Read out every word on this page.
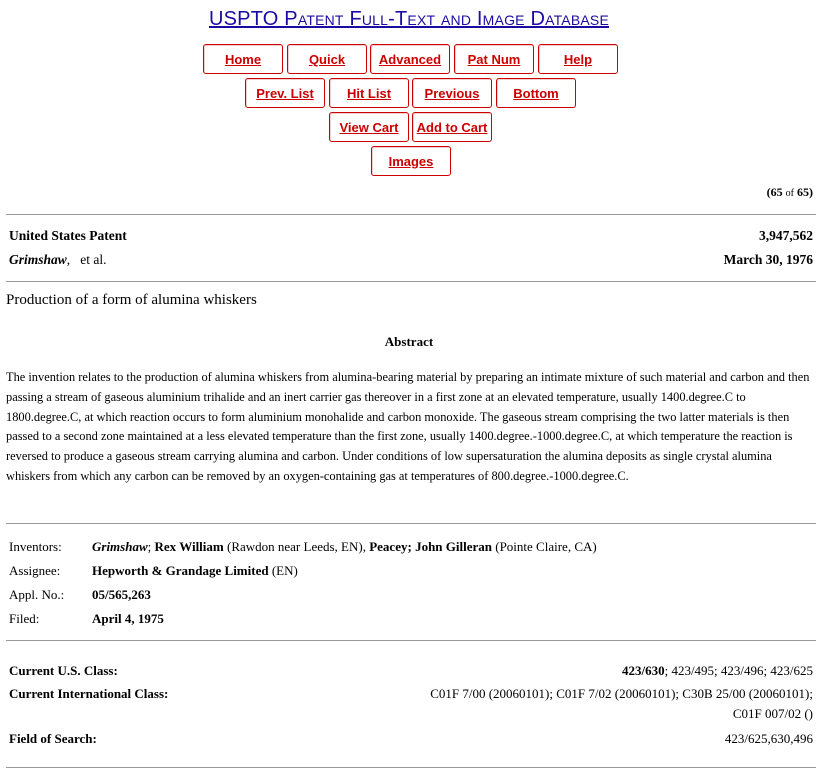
USPTO Patent Full-Text and Image Database
Home	Quick	Advanced	Pat Num	Help
Prev. List	Hit List	Previous	Bottom
View Cart	Add to Cart
Images
(65 of 65)
United States Patent	3,947,562
Grimshaw,   et al.	March 30, 1976
Production of a form of alumina whiskers
Abstract
The invention relates to the production of alumina whiskers from alumina-bearing material by preparing an intimate mixture of such material and carbon and then passing a stream of gaseous aluminium trihalide and an inert carrier gas thereover in a first zone at an elevated temperature, usually 1400.degree.C to 1800.degree.C, at which reaction occurs to form aluminium monohalide and carbon monoxide. The gaseous stream comprising the two latter materials is then passed to a second zone maintained at a less elevated temperature than the first zone, usually 1400.degree.-1000.degree.C, at which temperature the reaction is reversed to produce a gaseous stream carrying alumina and carbon. Under conditions of low supersaturation the alumina deposits as single crystal alumina whiskers from which any carbon can be removed by an oxygen-containing gas at temperatures of 800.degree.-1000.degree.C.
Inventors: Grimshaw; Rex William (Rawdon near Leeds, EN), Peacey; John Gilleran (Pointe Claire, CA)
Assignee: Hepworth & Grandage Limited (EN)
Appl. No.: 05/565,263
Filed:	April 4, 1975
Current U.S. Class:	423/630; 423/495; 423/496; 423/625
Current International Class:	C01F 7/00 (20060101); C01F 7/02 (20060101); C30B 25/00 (20060101);
C01F 007/02 ()
Field of Search:	423/625,630,496
